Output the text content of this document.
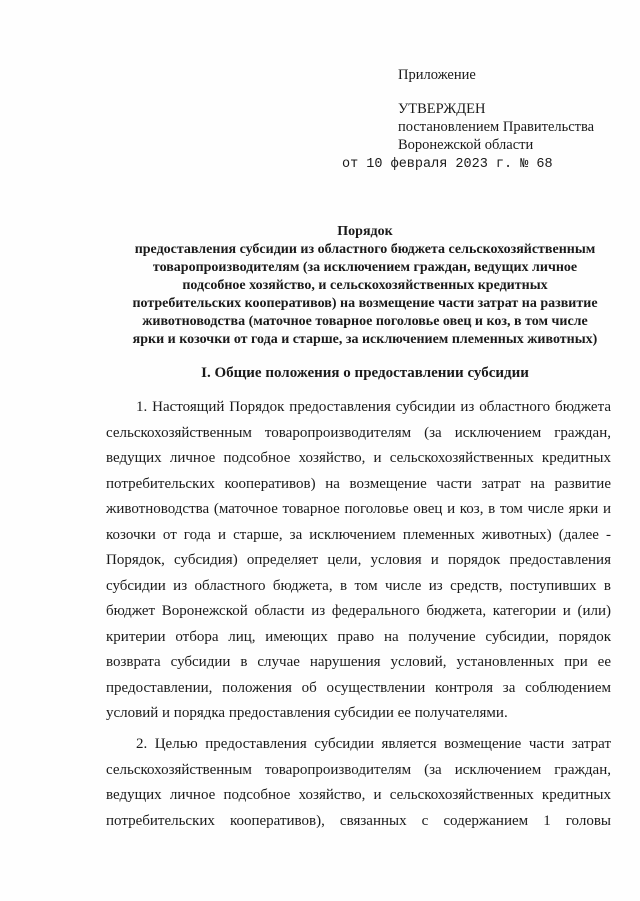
Приложение
УТВЕРЖДЕН
постановлением Правительства
Воронежской области
от 10 февраля 2023 г. № 68
Порядок
предоставления субсидии из областного бюджета сельскохозяйственным
товаропроизводителям (за исключением граждан, ведущих личное
подсобное хозяйство, и сельскохозяйственных кредитных
потребительских кооперативов) на возмещение части затрат на развитие
животноводства (маточное товарное поголовье овец и коз, в том числе
ярки и козочки от года и старше, за исключением племенных животных)
I. Общие положения о предоставлении субсидии
1. Настоящий Порядок предоставления субсидии из областного бюджета
сельскохозяйственным товаропроизводителям (за исключением граждан,
ведущих личное подсобное хозяйство, и сельскохозяйственных кредитных
потребительских кооперативов) на возмещение части затрат на развитие
животноводства (маточное товарное поголовье овец и коз, в том числе ярки и
козочки от года и старше, за исключением племенных животных) (далее -
Порядок, субсидия) определяет цели, условия и порядок предоставления
субсидии из областного бюджета, в том числе из средств, поступивших в
бюджет Воронежской области из федерального бюджета, категории и (или)
критерии отбора лиц, имеющих право на получение субсидии, порядок
возврата субсидии в случае нарушения условий, установленных при ее
предоставлении, положения об осуществлении контроля за соблюдением
условий и порядка предоставления субсидии ее получателями.
2. Целью предоставления субсидии является возмещение части затрат
сельскохозяйственным товаропроизводителям (за исключением граждан,
ведущих личное подсобное хозяйство, и сельскохозяйственных кредитных
потребительских кооперативов), связанных с содержанием 1 головы
